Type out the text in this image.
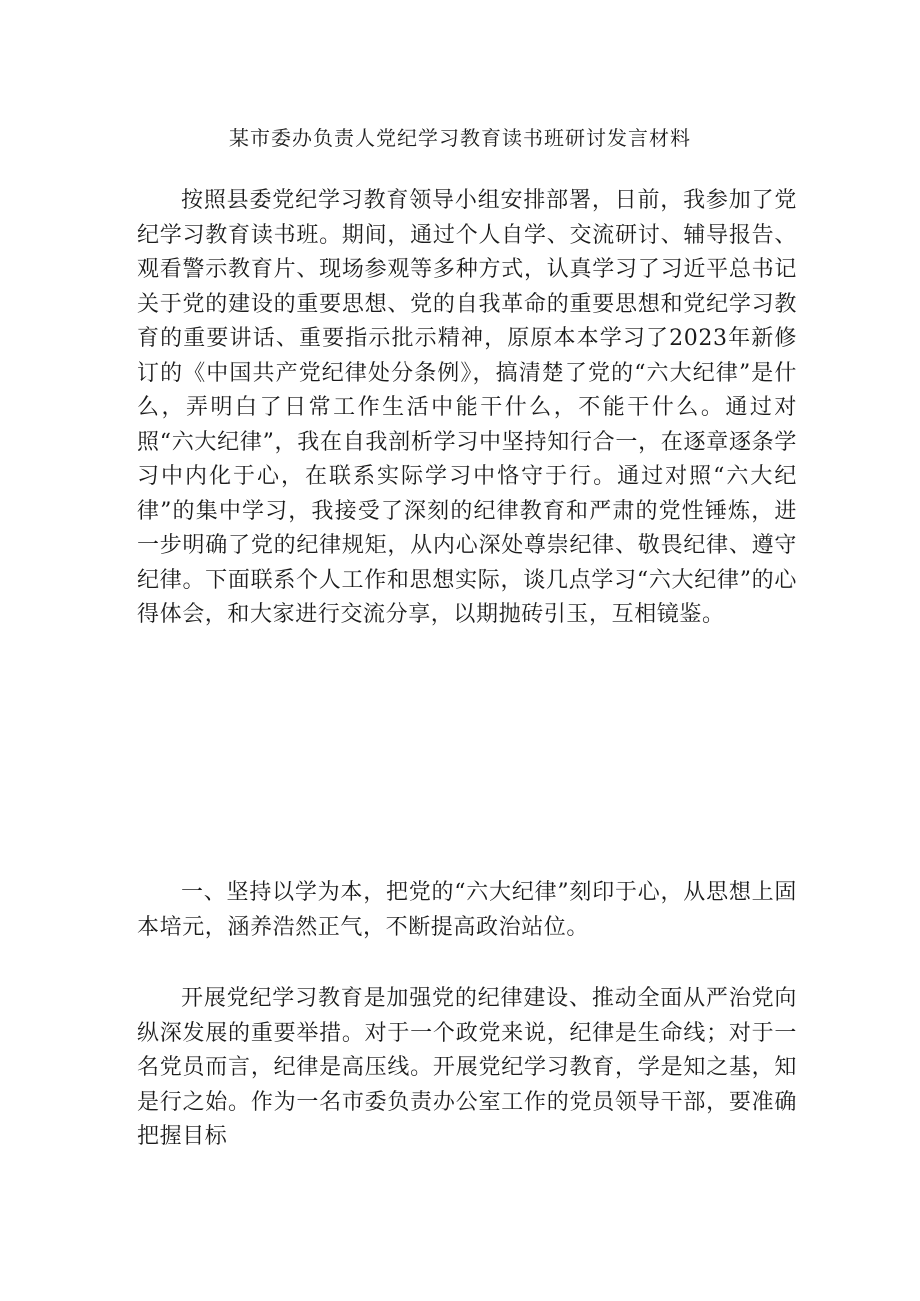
某市委办负责人党纪学习教育读书班研讨发言材料

按照县委党纪学习教育领导小组安排部署，日前，我参加了党纪学习教育读书班。期间，通过个人自学、交流研讨、辅导报告、观看警示教育片、现场参观等多种方式，认真学习了习近平总书记关于党的建设的重要思想、党的自我革命的重要思想和党纪学习教育的重要讲话、重要指示批示精神，原原本本学习了2023年新修订的《中国共产党纪律处分条例》，搞清楚了党的“六大纪律”是什么，弄明白了日常工作生活中能干什么，不能干什么。通过对照“六大纪律”，我在自我剖析学习中坚持知行合一，在逐章逐条学习中内化于心，在联系实际学习中恪守于行。通过对照“六大纪律”的集中学习，我接受了深刻的纪律教育和严肃的党性锤炼，进一步明确了党的纪律规矩，从内心深处尊崇纪律、敬畏纪律、遵守纪律。下面联系个人工作和思想实际，谈几点学习“六大纪律”的心得体会，和大家进行交流分享，以期抛砖引玉，互相镜鉴。

一、坚持以学为本，把党的“六大纪律”刻印于心，从思想上固本培元，涵养浩然正气，不断提高政治站位。

开展党纪学习教育是加强党的纪律建设、推动全面从严治党向纵深发展的重要举措。对于一个政党来说，纪律是生命线；对于一名党员而言，纪律是高压线。开展党纪学习教育，学是知之基，知是行之始。作为一名市委负责办公室工作的党员领导干部，要准确把握目标
